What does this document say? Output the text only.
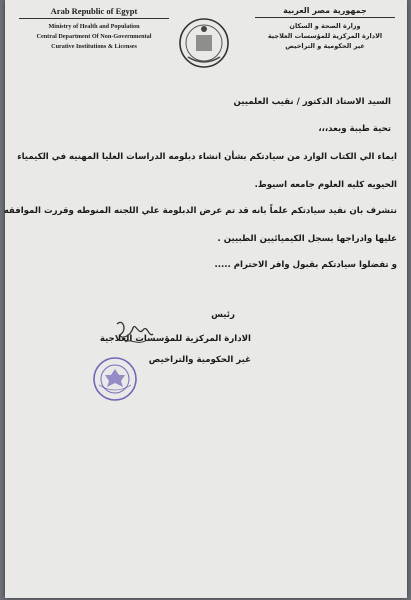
Arab Republic of Egypt
Ministry of Health and Population
Central Department Of Non-Governmental
Curative Institutions & Licenses
جمهورية مصر العربية
وزارة الصحة و السكان
الادارة المركزية للمؤسسات العلاجية
غير الحكومية و التراخيص
السيد الاستاذ الدكتور / نقيب العلميين
تحية طيبة وبعد،،،
ايماء الي الكتاب الوارد من سيادتكم بشأن انشاء دبلومه الدراسات العليا المهنيه في الكيمياء
الحيويه كليه العلوم جامعه اسيوط.
نتشرف بان نفيد سيادتكم علماً بانه قد تم عرض الدبلومة علي اللجنه المنوطه وقررت الموافقه
عليها وادراجها بسجل الكيميائيين الطبيين .
و تفضلوا سيادتكم بقبول وافر الاحترام .....
رئيس
الادارة المركزية للمؤسسات العلاجية
غير الحكومية والتراخيص
